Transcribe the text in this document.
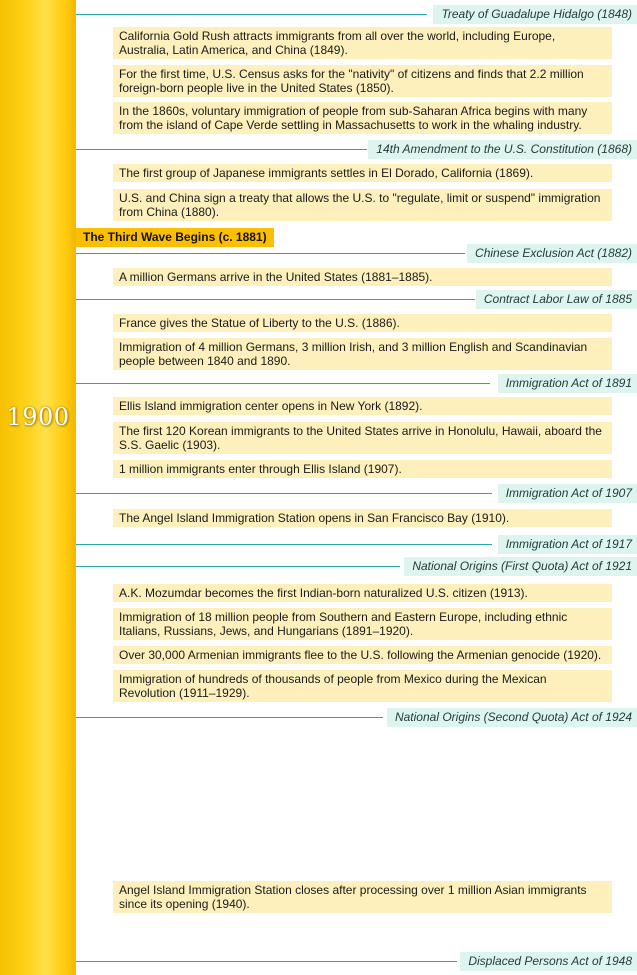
1900
Treaty of Guadalupe Hidalgo (1848)
California Gold Rush attracts immigrants from all over the world, including Europe, Australia, Latin America, and China (1849).
For the first time, U.S. Census asks for the "nativity" of citizens and finds that 2.2 million foreign-born people live in the United States (1850).
In the 1860s, voluntary immigration of people from sub-Saharan Africa begins with many from the island of Cape Verde settling in Massachusetts to work in the whaling industry.
14th Amendment to the U.S. Constitution (1868)
The first group of Japanese immigrants settles in El Dorado, California (1869).
U.S. and China sign a treaty that allows the U.S. to "regulate, limit or suspend" immigration from China (1880).
The Third Wave Begins (c. 1881)
Chinese Exclusion Act (1882)
A million Germans arrive in the United States (1881–1885).
Contract Labor Law of 1885
France gives the Statue of Liberty to the U.S. (1886).
Immigration of 4 million Germans, 3 million Irish, and 3 million English and Scandinavian people between 1840 and 1890.
Immigration Act of 1891
Ellis Island immigration center opens in New York (1892).
The first 120 Korean immigrants to the United States arrive in Honolulu, Hawaii, aboard the S.S. Gaelic (1903).
1 million immigrants enter through Ellis Island (1907).
Immigration Act of 1907
The Angel Island Immigration Station opens in San Francisco Bay (1910).
Immigration Act of 1917
National Origins (First Quota) Act of 1921
A.K. Mozumdar becomes the first Indian-born naturalized U.S. citizen (1913).
Immigration of 18 million people from Southern and Eastern Europe, including ethnic Italians, Russians, Jews, and Hungarians (1891–1920).
Over 30,000 Armenian immigrants flee to the U.S. following the Armenian genocide (1920).
Immigration of hundreds of thousands of people from Mexico during the Mexican Revolution (1911–1929).
National Origins (Second Quota) Act of 1924
Angel Island Immigration Station closes after processing over 1 million Asian immigrants since its opening (1940).
Displaced Persons Act of 1948
